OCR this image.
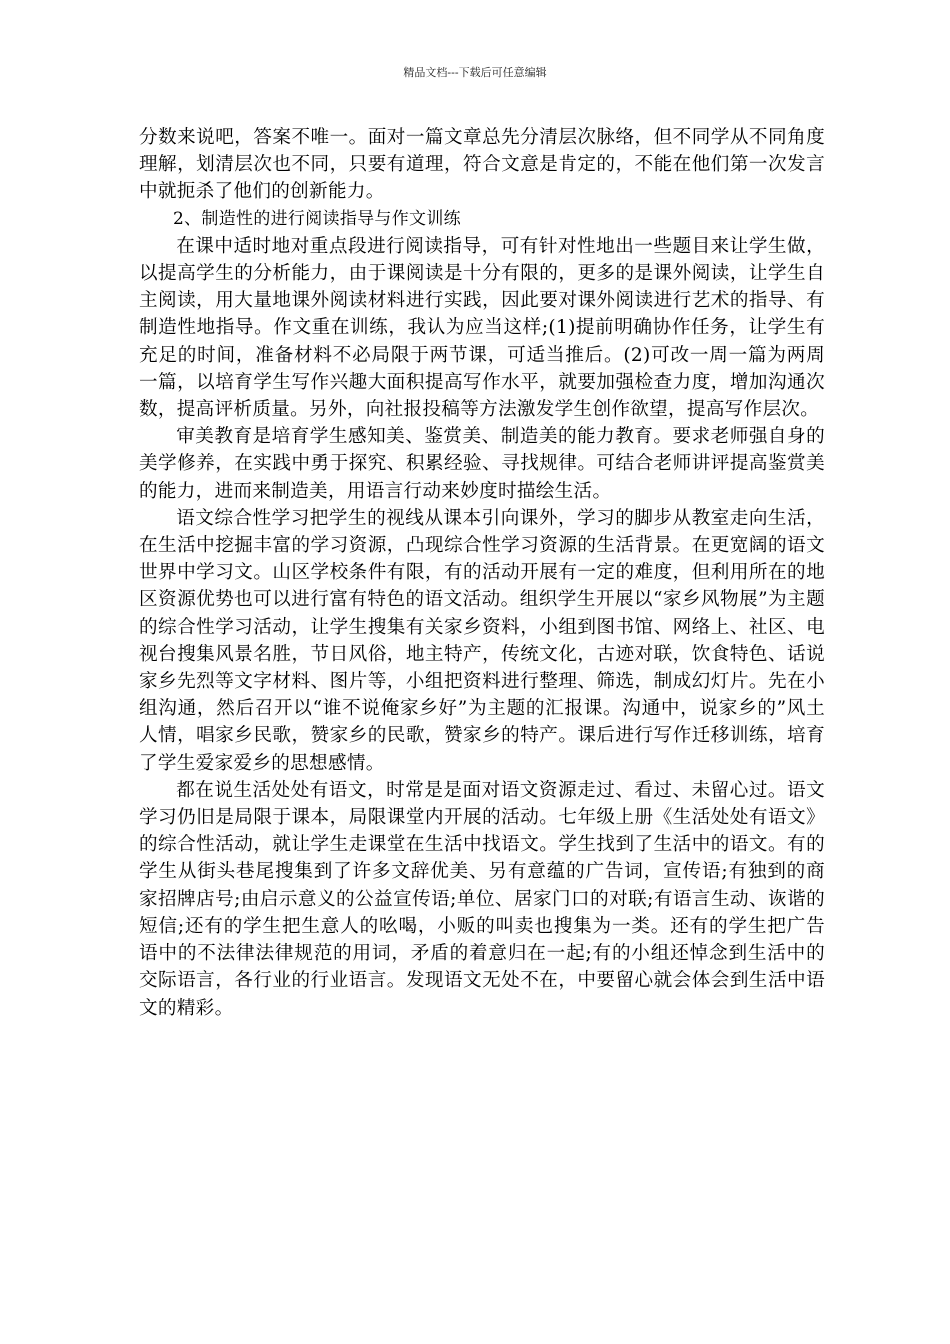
精品文档---下载后可任意编辑

分数来说吧，答案不唯一。面对一篇文章总先分清层次脉络，但不同学从不同角度理解，划清层次也不同，只要有道理，符合文意是肯定的，不能在他们第一次发言中就扼杀了他们的创新能力。

2、制造性的进行阅读指导与作文训练

在课中适时地对重点段进行阅读指导，可有针对性地出一些题目来让学生做，以提高学生的分析能力，由于课阅读是十分有限的，更多的是课外阅读，让学生自主阅读，用大量地课外阅读材料进行实践，因此要对课外阅读进行艺术的指导、有制造性地指导。作文重在训练，我认为应当这样;(1)提前明确协作任务，让学生有充足的时间，准备材料不必局限于两节课，可适当推后。(2)可改一周一篇为两周一篇，以培育学生写作兴趣大面积提高写作水平，就要加强检查力度，增加沟通次数，提高评析质量。另外，向社报投稿等方法激发学生创作欲望，提高写作层次。

审美教育是培育学生感知美、鉴赏美、制造美的能力教育。要求老师强自身的美学修养，在实践中勇于探究、积累经验、寻找规律。可结合老师讲评提高鉴赏美的能力，进而来制造美，用语言行动来妙度时描绘生活。

语文综合性学习把学生的视线从课本引向课外，学习的脚步从教室走向生活，在生活中挖掘丰富的学习资源，凸现综合性学习资源的生活背景。在更宽阔的语文世界中学习文。山区学校条件有限，有的活动开展有一定的难度，但利用所在的地区资源优势也可以进行富有特色的语文活动。组织学生开展以“家乡风物展”为主题的综合性学习活动，让学生搜集有关家乡资料，小组到图书馆、网络上、社区、电视台搜集风景名胜，节日风俗，地主特产，传统文化，古迹对联，饮食特色、话说家乡先烈等文字材料、图片等，小组把资料进行整理、筛选，制成幻灯片。先在小组沟通，然后召开以“谁不说俺家乡好”为主题的汇报课。沟通中，说家乡的”风土人情，唱家乡民歌，赞家乡的民歌，赞家乡的特产。课后进行写作迁移训练，培育了学生爱家爱乡的思想感情。

都在说生活处处有语文，时常是是面对语文资源走过、看过、未留心过。语文学习仍旧是局限于课本，局限课堂内开展的活动。七年级上册《生活处处有语文》的综合性活动，就让学生走课堂在生活中找语文。学生找到了生活中的语文。有的学生从街头巷尾搜集到了许多文辞优美、另有意蕴的广告词，宣传语;有独到的商家招牌店号;由启示意义的公益宣传语;单位、居家门口的对联;有语言生动、诙谐的短信;还有的学生把生意人的吆喝，小贩的叫卖也搜集为一类。还有的学生把广告语中的不法律法律规范的用词，矛盾的着意归在一起;有的小组还悼念到生活中的交际语言，各行业的行业语言。发现语文无处不在，中要留心就会体会到生活中语文的精彩。
